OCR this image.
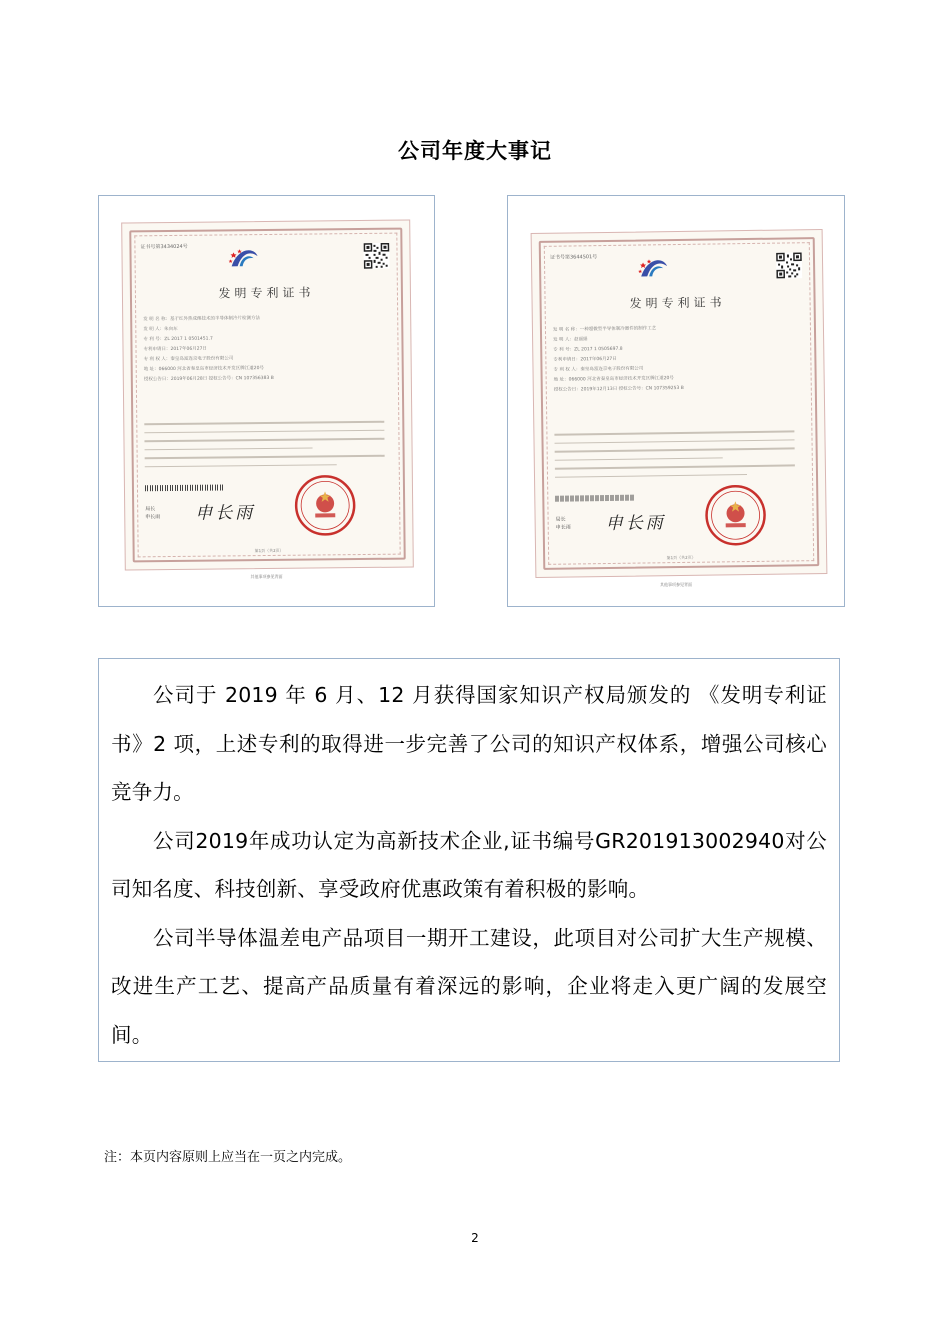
公司年度大事记
证书号第3434024号
发明专利证书
发 明 名 称：基于红外热成像技术的半导体制冷片检测方法
发 明 人：朱向东
专 利 号：ZL 2017 1 0501451.7
专利申请日：2017年06月27日
专 利 权 人：秦皇岛富连京电子股份有限公司
地 址：066000 河北省秦皇岛市经济技术开发区腾江道20号
授权公告日：2019年06月28日 授权公告号：CN 107356383 B
局长
申长雨 申长雨
第1页（共2页）
其他事项参见背面
证书号第3644501号
发明专利证书
发 明 名 称：一种超微型半导体制冷器件的制作工艺
发 明 人：赵丽娟
专 利 号：ZL 2017 1 0505697.8
专利申请日：2017年06月27日
专 利 权 人：秦皇岛富连京电子股份有限公司
地 址：066000 河北省秦皇岛市经济技术开发区腾江道20号
授权公告日：2019年12月13日 授权公告号：CN 107359253 B
局长
申长雨 申长雨
第1页（共2页）
其他事项参见背面

公司于 2019 年 6 月、12 月获得国家知识产权局颁发的 《发明专利证书》2 项，上述专利的取得进一步完善了公司的知识产权体系，增强公司核心竞争力。

公司2019年成功认定为高新技术企业,证书编号GR201913002940对公司知名度、科技创新、享受政府优惠政策有着积极的影响。

公司半导体温差电产品项目一期开工建设，此项目对公司扩大生产规模、改进生产工艺、提高产品质量有着深远的影响，企业将走入更广阔的发展空间。

注：本页内容原则上应当在一页之内完成。
2
